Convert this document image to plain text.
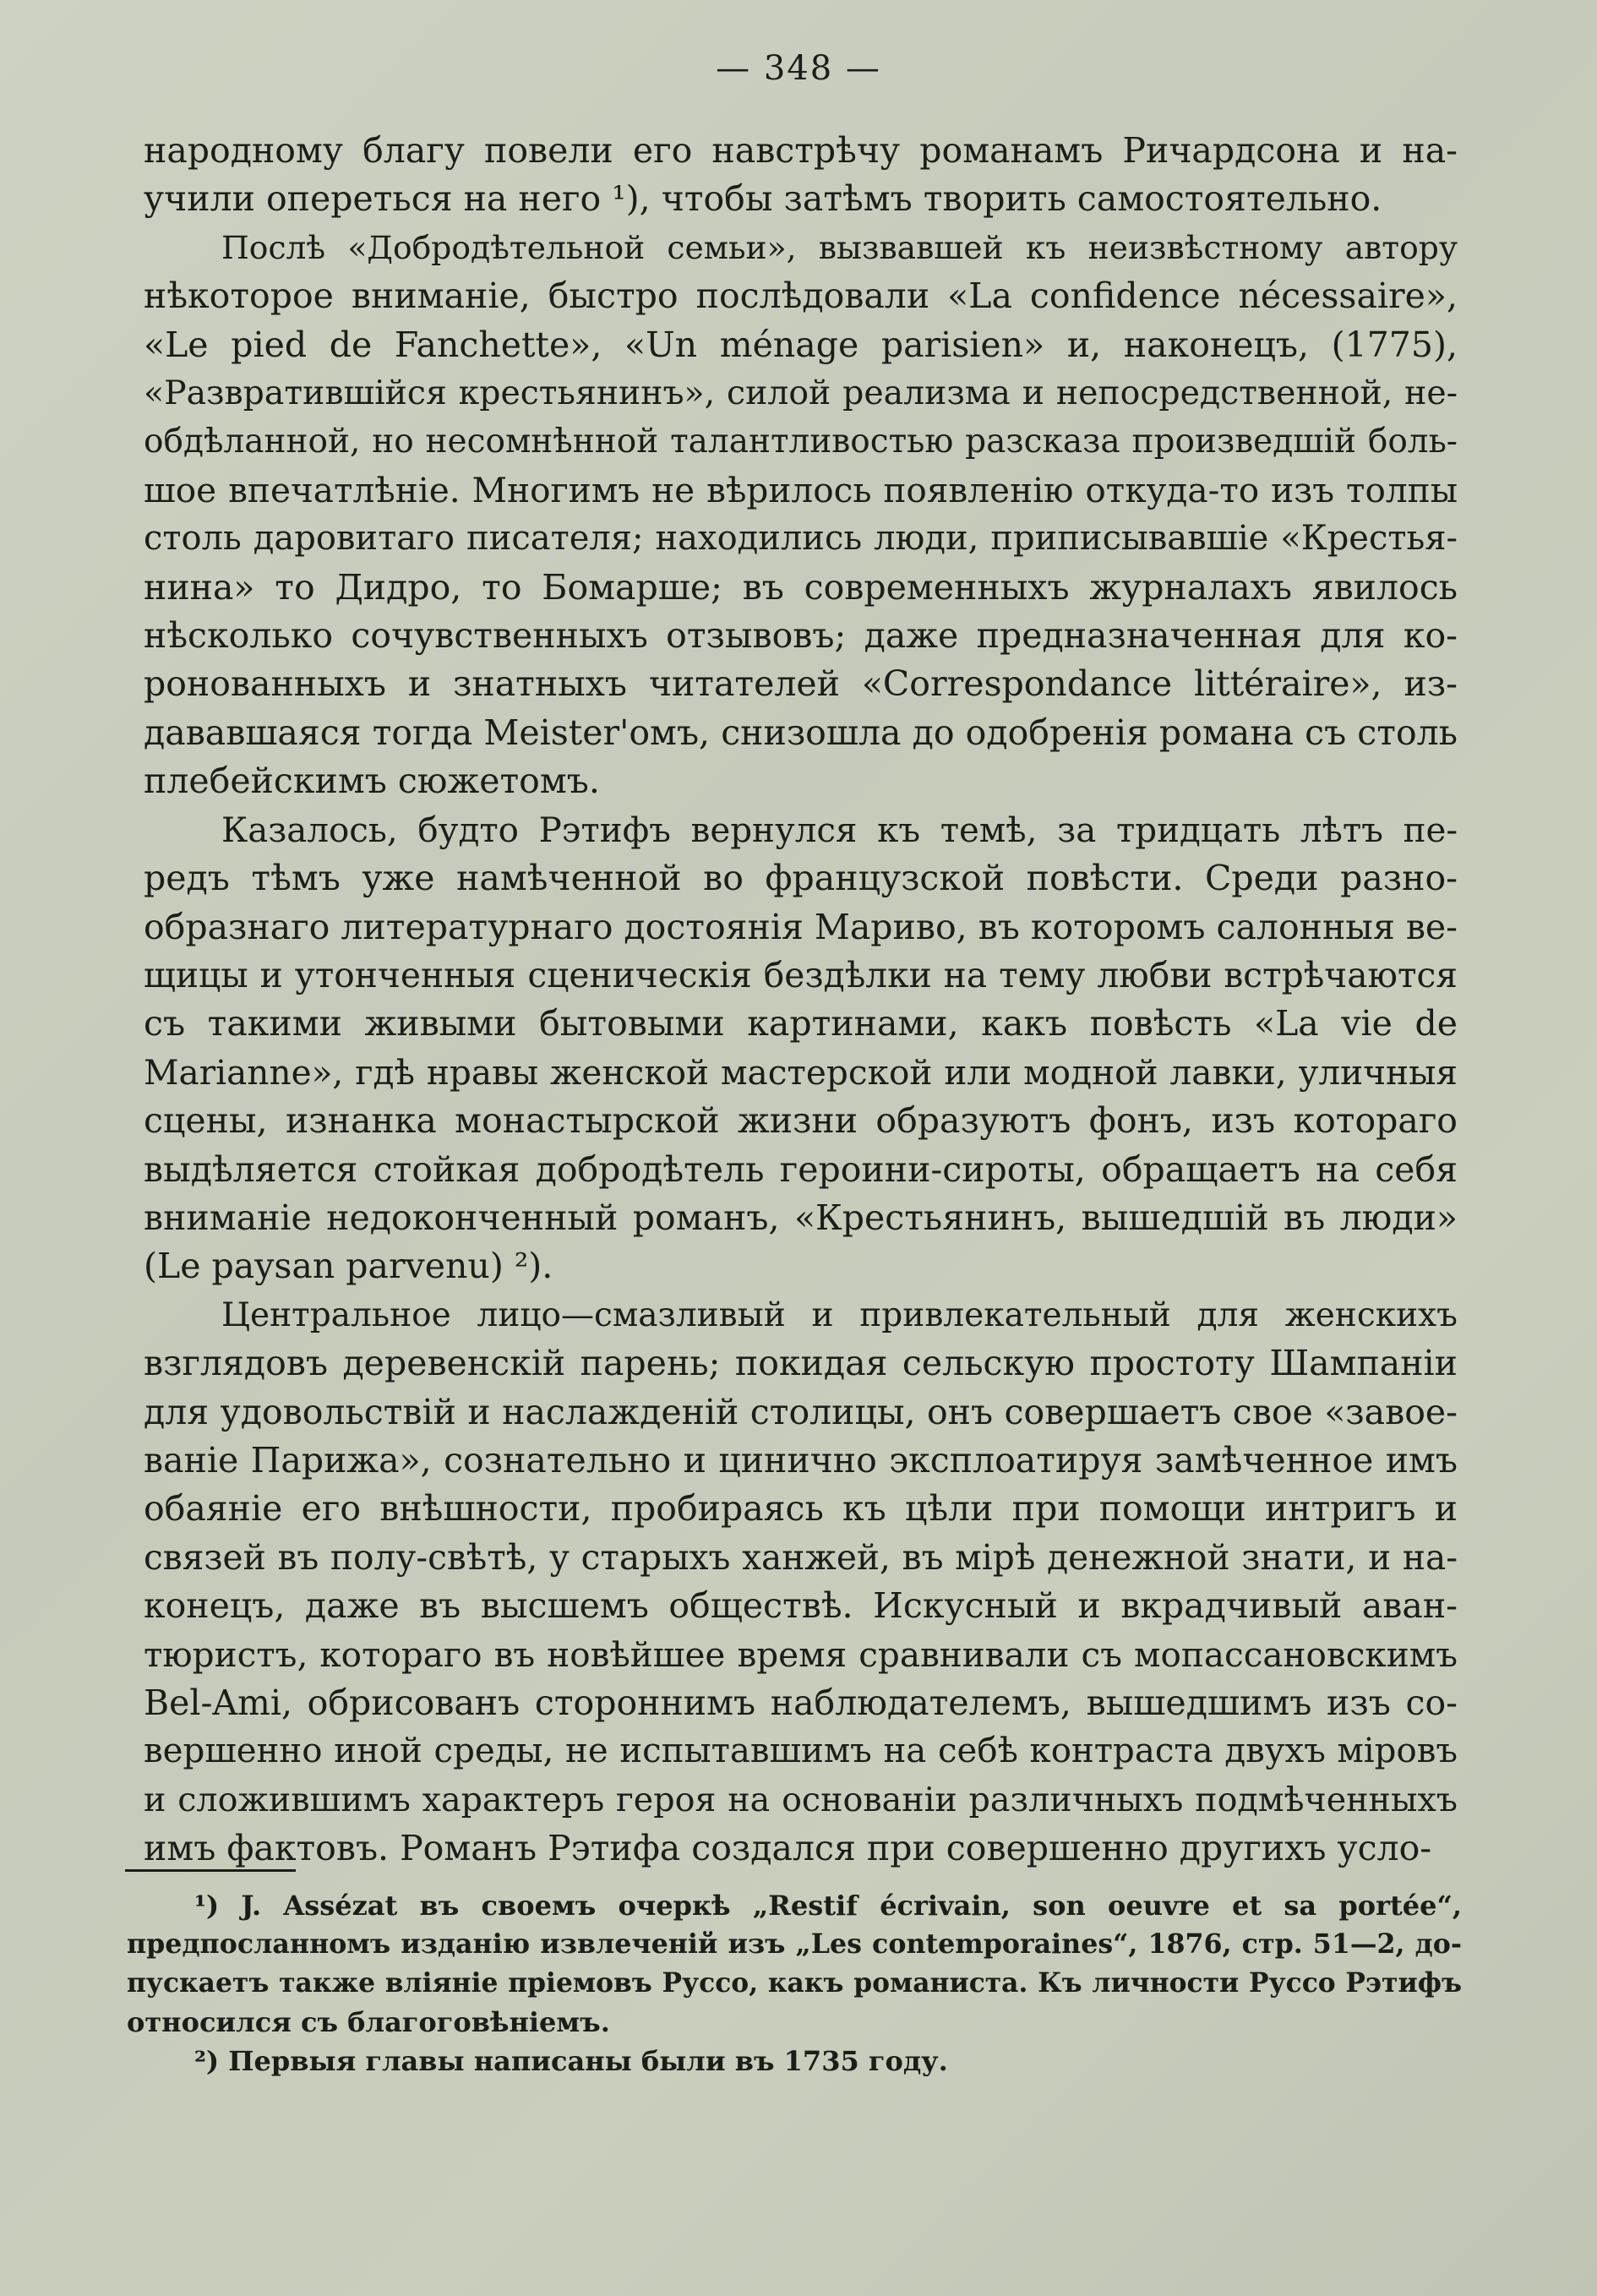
— 348 —

народному благу повели его навстрѣчу романамъ Ричардсона и на-
учили опереться на него ¹), чтобы затѣмъ творить самостоятельно.

Послѣ «Добродѣтельной семьи», вызвавшей къ неизвѣстному автору
нѣкоторое вниманіе, быстро послѣдовали «La confidence nécessaire»,
«Le pied de Fanchette», «Un ménage parisien» и, наконецъ, (1775),
«Развратившійся крестьянинъ», силой реализма и непосредственной, не-
обдѣланной, но несомнѣнной талантливостью разсказа произведшій боль-
шое впечатлѣніе. Многимъ не вѣрилось появленію откуда-то изъ толпы
столь даровитаго писателя; находились люди, приписывавшіе «Крестья-
нина» то Дидро, то Бомарше; въ современныхъ журналахъ явилось
нѣсколько сочувственныхъ отзывовъ; даже предназначенная для ко-
ронованныхъ и знатныхъ читателей «Correspondance littéraire», из-
дававшаяся тогда Meister'омъ, снизошла до одобренія романа съ столь
плебейскимъ сюжетомъ.

Казалось, будто Рэтифъ вернулся къ темѣ, за тридцать лѣтъ пе-
редъ тѣмъ уже намѣченной во французской повѣсти. Среди разно-
образнаго литературнаго достоянія Мариво, въ которомъ салонныя ве-
щицы и утонченныя сценическія бездѣлки на тему любви встрѣчаются
съ такими живыми бытовыми картинами, какъ повѣсть «La vie de
Marianne», гдѣ нравы женской мастерской или модной лавки, уличныя
сцены, изнанка монастырской жизни образуютъ фонъ, изъ котораго
выдѣляется стойкая добродѣтель героини-сироты, обращаетъ на себя
вниманіе недоконченный романъ, «Крестьянинъ, вышедшій въ люди»
(Le paysan parvenu) ²).

Центральное лицо—смазливый и привлекательный для женскихъ
взглядовъ деревенскій парень; покидая сельскую простоту Шампаніи
для удовольствій и наслажденій столицы, онъ совершаетъ свое «завое-
ваніе Парижа», сознательно и цинично эксплоатируя замѣченное имъ
обаяніе его внѣшности, пробираясь къ цѣли при помощи интригъ и
связей въ полу-свѣтѣ, у старыхъ ханжей, въ мірѣ денежной знати, и на-
конецъ, даже въ высшемъ обществѣ. Искусный и вкрадчивый аван-
тюристъ, котораго въ новѣйшее время сравнивали съ мопассановскимъ
Bel-Ami, обрисованъ стороннимъ наблюдателемъ, вышедшимъ изъ со-
вершенно иной среды, не испытавшимъ на себѣ контраста двухъ міровъ
и сложившимъ характеръ героя на основаніи различныхъ подмѣченныхъ
имъ фактовъ. Романъ Рэтифа создался при совершенно другихъ усло-

¹) J. Assézat въ своемъ очеркѣ „Restif écrivain, son oeuvre et sa portée“,
предпосланномъ изданію извлеченій изъ „Les contemporaines“, 1876, стр. 51—2, до-
пускаетъ также вліяніе пріемовъ Руссо, какъ романиста. Къ личности Руссо Рэтифъ
относился съ благоговѣніемъ.
²) Первыя главы написаны были въ 1735 году.
